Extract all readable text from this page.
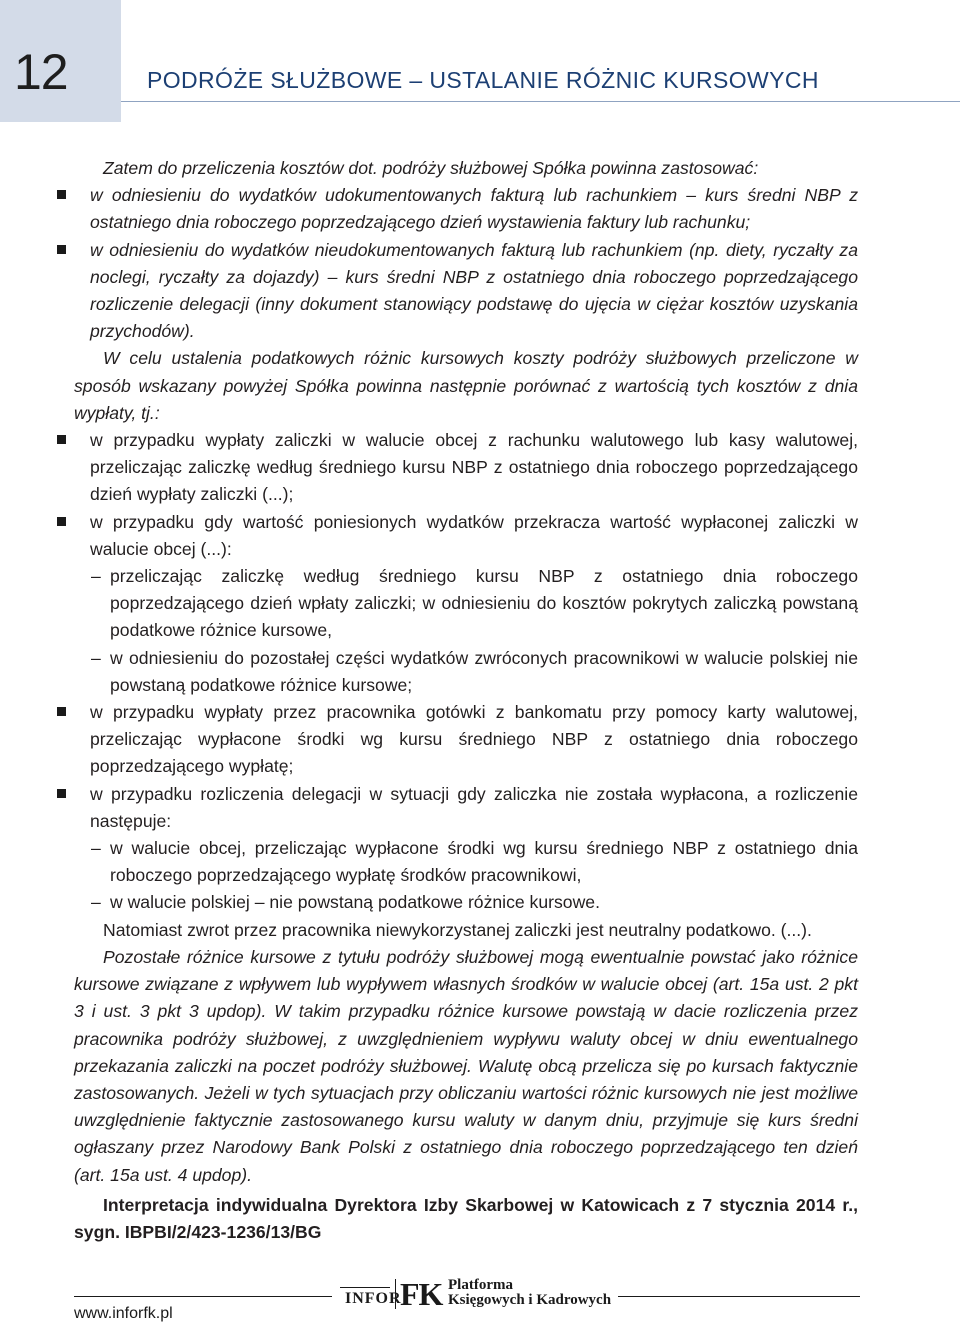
12	PODRÓŻE SŁUŻBOWE – USTALANIE RÓŻNIC KURSOWYCH

Zatem do przeliczenia kosztów dot. podróży służbowej Spółka powinna zastosować:

w odniesieniu do wydatków udokumentowanych fakturą lub rachunkiem – kurs średni NBP z ostatniego dnia roboczego poprzedzającego dzień wystawienia faktury lub rachunku;

w odniesieniu do wydatków nieudokumentowanych fakturą lub rachunkiem (np. diety, ryczałty za noclegi, ryczałty za dojazdy) – kurs średni NBP z ostatniego dnia roboczego poprzedzającego rozliczenie delegacji (inny dokument stanowiący podstawę do ujęcia w ciężar kosztów uzyskania przychodów).

W celu ustalenia podatkowych różnic kursowych koszty podróży służbowych przeliczone w sposób wskazany powyżej Spółka powinna następnie porównać z wartością tych kosztów z dnia wypłaty, tj.:

w przypadku wypłaty zaliczki w walucie obcej z rachunku walutowego lub kasy walutowej, przeliczając zaliczkę według średniego kursu NBP z ostatniego dnia roboczego poprzedzającego dzień wypłaty zaliczki (...);

w przypadku gdy wartość poniesionych wydatków przekracza wartość wypłaconej zaliczki w walucie obcej (...):

– przeliczając zaliczkę według średniego kursu NBP z ostatniego dnia roboczego poprzedzającego dzień wpłaty zaliczki; w odniesieniu do kosztów pokrytych zaliczką powstaną podatkowe różnice kursowe,

– w odniesieniu do pozostałej części wydatków zwróconych pracownikowi w walucie polskiej nie powstaną podatkowe różnice kursowe;

w przypadku wypłaty przez pracownika gotówki z bankomatu przy pomocy karty walutowej, przeliczając wypłacone środki wg kursu średniego NBP z ostatniego dnia roboczego poprzedzającego wypłatę;

w przypadku rozliczenia delegacji w sytuacji gdy zaliczka nie została wypłacona, a rozliczenie następuje:

– w walucie obcej, przeliczając wypłacone środki wg kursu średniego NBP z ostatniego dnia roboczego poprzedzającego wypłatę środków pracownikowi,

– w walucie polskiej – nie powstaną podatkowe różnice kursowe.

Natomiast zwrot przez pracownika niewykorzystanej zaliczki jest neutralny podatkowo. (...).

Pozostałe różnice kursowe z tytułu podróży służbowej mogą ewentualnie powstać jako różnice kursowe związane z wpływem lub wypływem własnych środków w walucie obcej (art. 15a ust. 2 pkt 3 i ust. 3 pkt 3 updop). W takim przypadku różnice kursowe powstają w dacie rozliczenia przez pracownika podróży służbowej, z uwzględnieniem wypływu waluty obcej w dniu ewentualnego przekazania zaliczki na poczet podróży służbowej. Walutę obcą przelicza się po kursach faktycznie zastosowanych. Jeżeli w tych sytuacjach przy obliczaniu wartości różnic kursowych nie jest możliwe uwzględnienie faktycznie zastosowanego kursu waluty w danym dniu, przyjmuje się kurs średni ogłaszany przez Narodowy Bank Polski z ostatniego dnia roboczego poprzedzającego ten dzień (art. 15a ust. 4 updop).

Interpretacja indywidualna Dyrektora Izby Skarbowej w Katowicach z 7 stycznia 2014 r., sygn. IBPBI/2/423-1236/13/BG

INFOR
FK Platforma
Księgowych i Kadrowych
www.inforfk.pl
